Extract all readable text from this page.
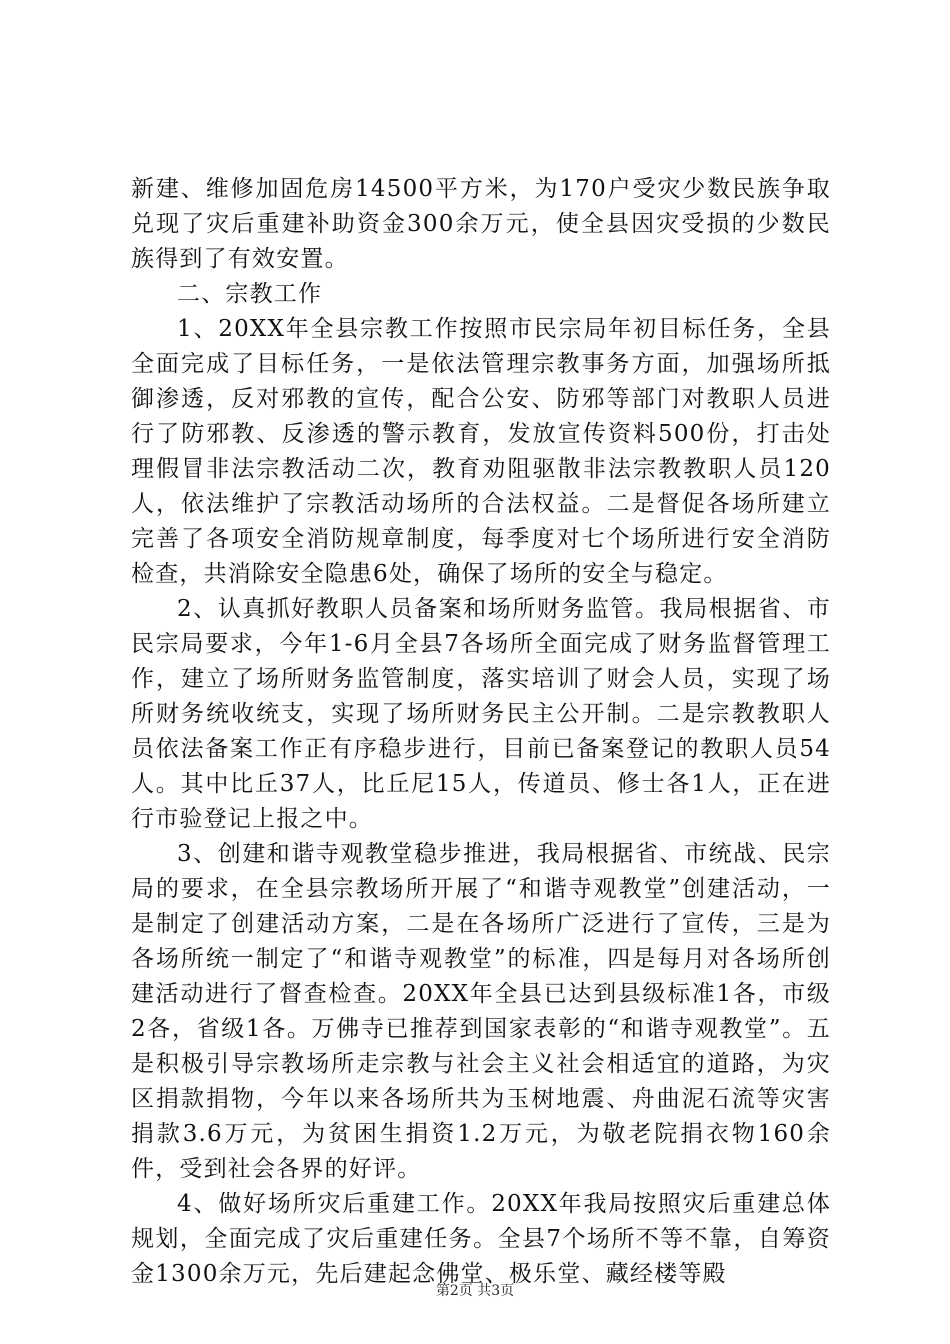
新建、维修加固危房14500平方米，为170户受灾少数民族争取兑现了灾后重建补助资金300余万元，使全县因灾受损的少数民族得到了有效安置。

二、宗教工作

1、20XX年全县宗教工作按照市民宗局年初目标任务，全县全面完成了目标任务，一是依法管理宗教事务方面，加强场所抵御渗透，反对邪教的宣传，配合公安、防邪等部门对教职人员进行了防邪教、反渗透的警示教育，发放宣传资料500份，打击处理假冒非法宗教活动二次，教育劝阻驱散非法宗教教职人员120人，依法维护了宗教活动场所的合法权益。二是督促各场所建立完善了各项安全消防规章制度，每季度对七个场所进行安全消防检查，共消除安全隐患6处，确保了场所的安全与稳定。

2、认真抓好教职人员备案和场所财务监管。我局根据省、市民宗局要求，今年1-6月全县7各场所全面完成了财务监督管理工作，建立了场所财务监管制度，落实培训了财会人员，实现了场所财务统收统支，实现了场所财务民主公开制。二是宗教教职人员依法备案工作正有序稳步进行，目前已备案登记的教职人员54人。其中比丘37人，比丘尼15人，传道员、修士各1人，正在进行市验登记上报之中。

3、创建和谐寺观教堂稳步推进，我局根据省、市统战、民宗局的要求，在全县宗教场所开展了“和谐寺观教堂”创建活动，一是制定了创建活动方案，二是在各场所广泛进行了宣传，三是为各场所统一制定了“和谐寺观教堂”的标准，四是每月对各场所创建活动进行了督查检查。20XX年全县已达到县级标准1各，市级2各，省级1各。万佛寺已推荐到国家表彰的“和谐寺观教堂”。五是积极引导宗教场所走宗教与社会主义社会相适宜的道路，为灾区捐款捐物，今年以来各场所共为玉树地震、舟曲泥石流等灾害捐款3.6万元，为贫困生捐资1.2万元，为敬老院捐衣物160余件，受到社会各界的好评。

4、做好场所灾后重建工作。20XX年我局按照灾后重建总体规划，全面完成了灾后重建任务。全县7个场所不等不靠，自筹资金1300余万元，先后建起念佛堂、极乐堂、藏经楼等殿

第2页 共3页
